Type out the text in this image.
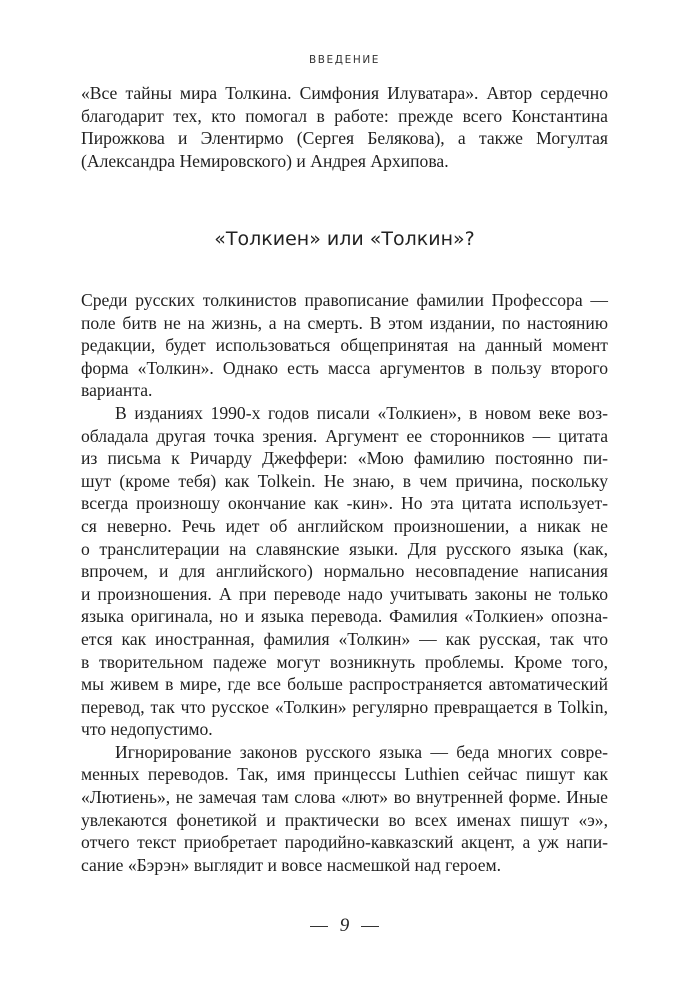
ВВЕДЕНИЕ
«Все тайны мира Толкина. Симфония Илуватара». Автор сердечно
благодарит тех, кто помогал в работе: прежде всего Константина
Пирожкова и Элентирмо (Сергея Белякова), а также Могултая
(Александра Немировского) и Андрея Архипова.
«Толкиен» или «Толкин»?
Среди русских толкинистов правописание фамилии Профессора —
поле битв не на жизнь, а на смерть. В этом издании, по настоянию
редакции, будет использоваться общепринятая на данный момент
форма «Толкин». Однако есть масса аргументов в пользу второго
варианта.
В изданиях 1990-х годов писали «Толкиен», в новом веке воз-
обладала другая точка зрения. Аргумент ее сторонников — цитата
из письма к Ричарду Джеффери: «Мою фамилию постоянно пи-
шут (кроме тебя) как Tolkein. Не знаю, в чем причина, поскольку
всегда произношу окончание как -кин». Но эта цитата использует-
ся неверно. Речь идет об английском произношении, а никак не
о транслитерации на славянские языки. Для русского языка (как,
впрочем, и для английского) нормально несовпадение написания
и произношения. А при переводе надо учитывать законы не только
языка оригинала, но и языка перевода. Фамилия «Толкиен» опозна-
ется как иностранная, фамилия «Толкин» — как русская, так что
в творительном падеже могут возникнуть проблемы. Кроме того,
мы живем в мире, где все больше распространяется автоматический
перевод, так что русское «Толкин» регулярно превращается в Tolkin,
что недопустимо.
Игнорирование законов русского языка — беда многих совре-
менных переводов. Так, имя принцессы Luthien сейчас пишут как
«Лютиень», не замечая там слова «лют» во внутренней форме. Иные
увлекаются фонетикой и практически во всех именах пишут «э»,
отчего текст приобретает пародийно-кавказский акцент, а уж напи-
сание «Бэрэн» выглядит и вовсе насмешкой над героем.
9
